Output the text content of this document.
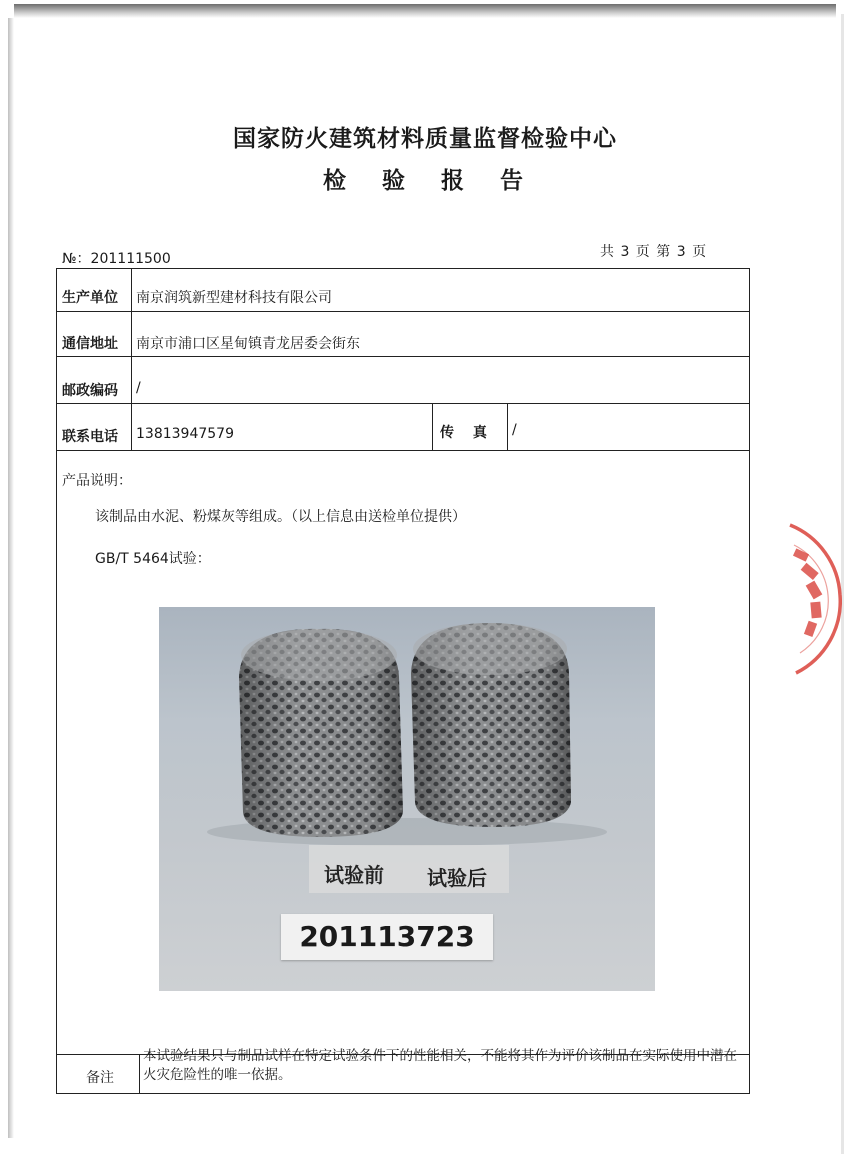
国家防火建筑材料质量监督检验中心
检 验 报 告
№：201111500	共 3 页 第 3 页
生产单位 南京润筑新型建材科技有限公司
通信地址 南京市浦口区星甸镇青龙居委会街东
邮政编码 /
联系电话 13813947579	传　 真 /
产品说明：
该制品由水泥、粉煤灰等组成。（以上信息由送检单位提供）
GB/T 5464试验：
试验前 试验后
201113723
备注
本试验结果只与制品试样在特定试验条件下的性能相关，不能将其作为评价该制品在实际使用中潜在火灾危险性的唯一依据。
